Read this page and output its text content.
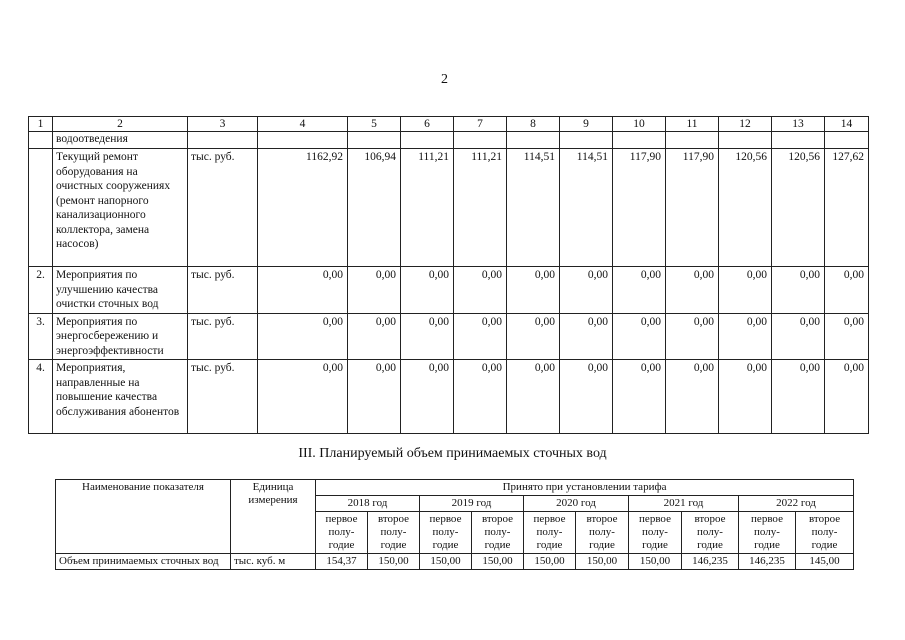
2
1	2	3	4	5	6	7	8	9	10	11	12	13	14
	водоотведения												
	Текущий ремонт оборудования на очистных сооружениях (ремонт напорного канализационного коллектора, замена насосов)	тыс. руб.	1162,92	106,94	111,21	111,21	114,51	114,51	117,90	117,90	120,56	120,56	127,62
2.	Мероприятия по улучшению качества очистки сточных вод	тыс. руб.	0,00	0,00	0,00	0,00	0,00	0,00	0,00	0,00	0,00	0,00	0,00
3.	Мероприятия по энергосбережению и энергоэффективности	тыс. руб.	0,00	0,00	0,00	0,00	0,00	0,00	0,00	0,00	0,00	0,00	0,00
4.	Мероприятия, направленные на повышение качества обслуживания абонентов	тыс. руб.	0,00	0,00	0,00	0,00	0,00	0,00	0,00	0,00	0,00	0,00	0,00
III. Планируемый объем принимаемых сточных вод
Наименование показателя	Единица измерения	Принято при установлении тарифа									
		2018 год		2019 год		2020 год		2021 год		2022 год	
		первое полу-годие	второе полу-годие	первое полу-годие	второе полу-годие	первое полу-годие	второе полу-годие	первое полу-годие	второе полу-годие	первое полу-годие	второе полу-годие
Объем принимаемых сточных вод	тыс. куб. м	154,37	150,00	150,00	150,00	150,00	150,00	150,00	146,235	146,235	145,00
